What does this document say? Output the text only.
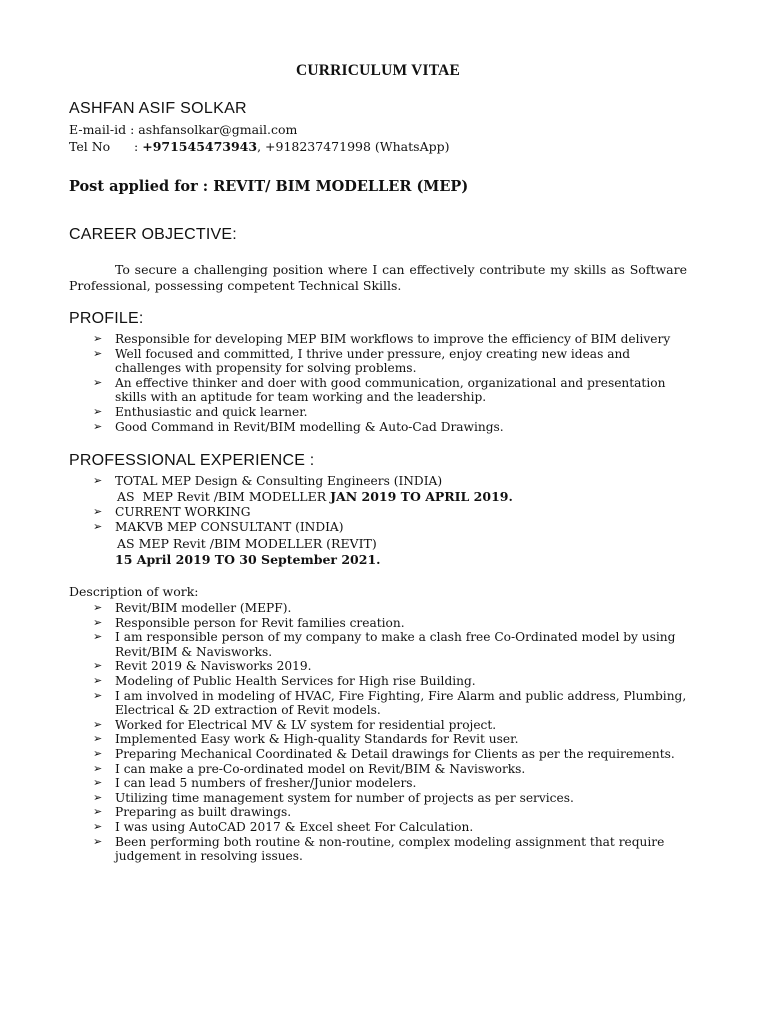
CURRICULUM VITAE
ASHFAN ASIF SOLKAR
E-mail-id : ashfansolkar@gmail.com
Tel No      : +971545473943, +918237471998 (WhatsApp)
Post applied for : REVIT/ BIM MODELLER (MEP)
CAREER OBJECTIVE:
To secure a challenging position where I can effectively contribute my skills as Software Professional, possessing competent Technical Skills.
PROFILE:
➢ Responsible for developing MEP BIM workflows to improve the efficiency of BIM delivery
➢ Well focused and committed, I thrive under pressure, enjoy creating new ideas and challenges with propensity for solving problems.
➢ An effective thinker and doer with good communication, organizational and presentation skills with an aptitude for team working and the leadership.
➢ Enthusiastic and quick learner.
➢ Good Command in Revit/BIM modelling & Auto-Cad Drawings.
PROFESSIONAL EXPERIENCE :
➢ TOTAL MEP Design & Consulting Engineers (INDIA)
AS  MEP Revit /BIM MODELLER JAN 2019 TO APRIL 2019.
➢ CURRENT WORKING
➢ MAKVB MEP CONSULTANT (INDIA)
AS MEP Revit /BIM MODELLER (REVIT)
15 April 2019 TO 30 September 2021.
Description of work:
➢ Revit/BIM modeller (MEPF).
➢ Responsible person for Revit families creation.
➢ I am responsible person of my company to make a clash free Co-Ordinated model by using Revit/BIM & Navisworks.
➢ Revit 2019 & Navisworks 2019.
➢ Modeling of Public Health Services for High rise Building.
➢ I am involved in modeling of HVAC, Fire Fighting, Fire Alarm and public address, Plumbing, Electrical & 2D extraction of Revit models.
➢ Worked for Electrical MV & LV system for residential project.
➢ Implemented Easy work & High-quality Standards for Revit user.
➢ Preparing Mechanical Coordinated & Detail drawings for Clients as per the requirements.
➢ I can make a pre-Co-ordinated model on Revit/BIM & Navisworks.
➢ I can lead 5 numbers of fresher/Junior modelers.
➢ Utilizing time management system for number of projects as per services.
➢ Preparing as built drawings.
➢ I was using AutoCAD 2017 & Excel sheet For Calculation.
➢ Been performing both routine & non-routine, complex modeling assignment that require judgement in resolving issues.
